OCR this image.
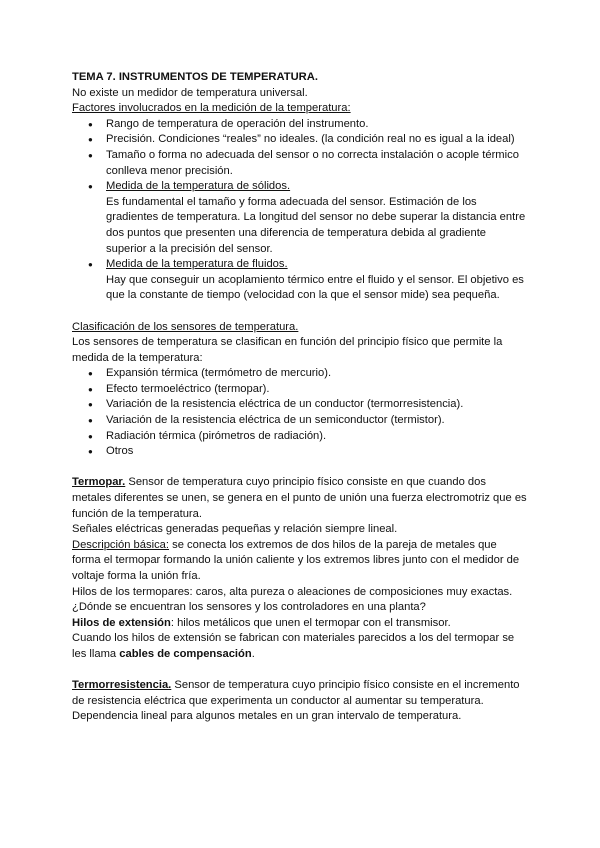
TEMA 7. INSTRUMENTOS DE TEMPERATURA.

No existe un medidor de temperatura universal.

Factores involucrados en la medición de la temperatura:

● Rango de temperatura de operación del instrumento.
● Precisión. Condiciones “reales” no ideales. (la condición real no es igual a la ideal)
● Tamaño o forma no adecuada del sensor o no correcta instalación o acople térmico conlleva menor precisión.
● Medida de la temperatura de sólidos.
Es fundamental el tamaño y forma adecuada del sensor. Estimación de los gradientes de temperatura. La longitud del sensor no debe superar la distancia entre dos puntos que presenten una diferencia de temperatura debida al gradiente superior a la precisión del sensor.
● Medida de la temperatura de fluidos.
Hay que conseguir un acoplamiento térmico entre el fluido y el sensor. El objetivo es que la constante de tiempo (velocidad con la que el sensor mide) sea pequeña.

Clasificación de los sensores de temperatura.

Los sensores de temperatura se clasifican en función del principio físico que permite la medida de la temperatura:

● Expansión térmica (termómetro de mercurio).
● Efecto termoeléctrico (termopar).
● Variación de la resistencia eléctrica de un conductor (termorresistencia).
● Variación de la resistencia eléctrica de un semiconductor (termistor).
● Radiación térmica (pirómetros de radiación).
● Otros

Termopar. Sensor de temperatura cuyo principio físico consiste en que cuando dos metales diferentes se unen, se genera en el punto de unión una fuerza electromotriz que es función de la temperatura.

Señales eléctricas generadas pequeñas y relación siempre lineal.

Descripción básica: se conecta los extremos de dos hilos de la pareja de metales que forma el termopar formando la unión caliente y los extremos libres junto con el medidor de voltaje forma la unión fría.

Hilos de los termopares: caros, alta pureza o aleaciones de composiciones muy exactas.

¿Dónde se encuentran los sensores y los controladores en una planta?

Hilos de extensión: hilos metálicos que unen el termopar con el transmisor.

Cuando los hilos de extensión se fabrican con materiales parecidos a los del termopar se les llama cables de compensación.

Termorresistencia. Sensor de temperatura cuyo principio físico consiste en el incremento de resistencia eléctrica que experimenta un conductor al aumentar su temperatura. Dependencia lineal para algunos metales en un gran intervalo de temperatura.
